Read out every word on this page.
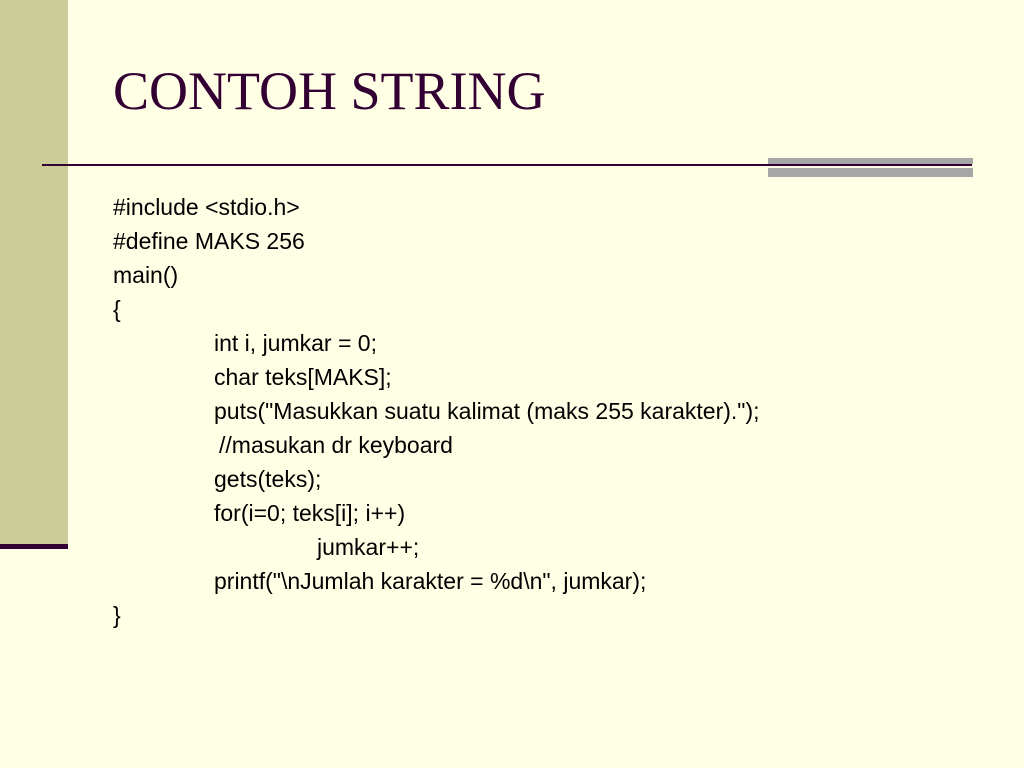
CONTOH STRING
#include <stdio.h>
#define MAKS 256
main()
{
int i, jumkar = 0;
char teks[MAKS];
puts("Masukkan suatu kalimat (maks 255 karakter).");
//masukan dr keyboard
gets(teks);
for(i=0; teks[i]; i++)
jumkar++;
printf("\nJumlah karakter = %d\n", jumkar);
}
